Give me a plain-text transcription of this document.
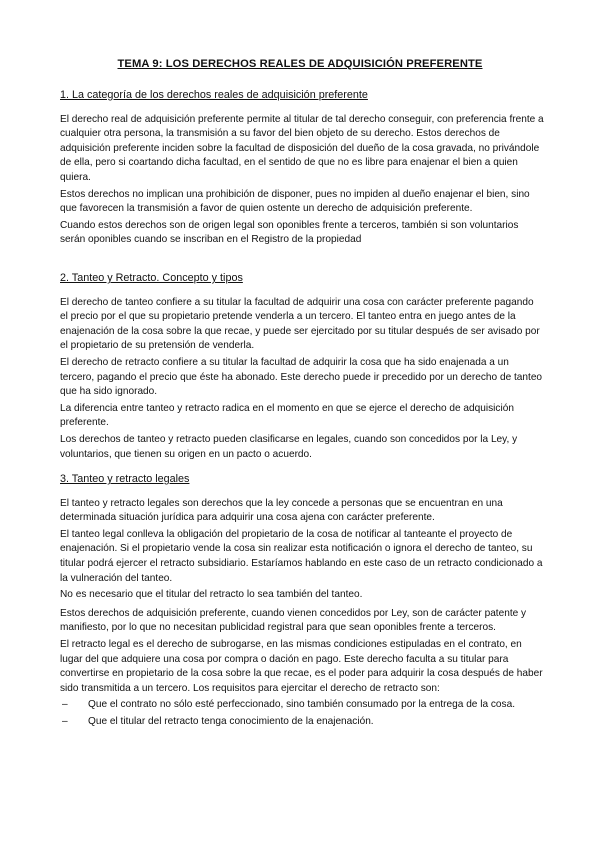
TEMA 9: LOS DERECHOS REALES DE ADQUISICIÓN PREFERENTE
1. La categoría de los derechos reales de adquisición preferente

El derecho real de adquisición preferente permite al titular de tal derecho conseguir, con preferencia frente a cualquier otra persona, la transmisión a su favor del bien objeto de su derecho. Estos derechos de adquisición preferente inciden sobre la facultad de disposición del dueño de la cosa gravada, no privándole de ella, pero si coartando dicha facultad, en el sentido de que no es libre para enajenar el bien a quien quiera.

Estos derechos no implican una prohibición de disponer, pues no impiden al dueño enajenar el bien, sino que favorecen la transmisión a favor de quien ostente un derecho de adquisición preferente.

Cuando estos derechos son de origen legal son oponibles frente a terceros, también si son voluntarios serán oponibles cuando se inscriban en el Registro de la propiedad

2. Tanteo y Retracto. Concepto y tipos

El derecho de tanteo confiere a su titular la facultad de adquirir una cosa con carácter preferente pagando el precio por el que su propietario pretende venderla a un tercero. El tanteo entra en juego antes de la enajenación de la cosa sobre la que recae, y puede ser ejercitado por su titular después de ser avisado por el propietario de su pretensión de venderla.

El derecho de retracto confiere a su titular la facultad de adquirir la cosa que ha sido enajenada a un tercero, pagando el precio que éste ha abonado. Este derecho puede ir precedido por un derecho de tanteo que ha sido ignorado.

La diferencia entre tanteo y retracto radica en el momento en que se ejerce el derecho de adquisición preferente.

Los derechos de tanteo y retracto pueden clasificarse en legales, cuando son concedidos por la Ley, y voluntarios, que tienen su origen en un pacto o acuerdo.

3. Tanteo y retracto legales

El tanteo y retracto legales son derechos que la ley concede a personas que se encuentran en una determinada situación jurídica para adquirir una cosa ajena con carácter preferente.

El tanteo legal conlleva la obligación del propietario de la cosa de notificar al tanteante el proyecto de enajenación. Si el propietario vende la cosa sin realizar esta notificación o ignora el derecho de tanteo, su titular podrá ejercer el retracto subsidiario. Estaríamos hablando en este caso de un retracto condicionado a la vulneración del tanteo.

No es necesario que el titular del retracto lo sea también del tanteo.

Estos derechos de adquisición preferente, cuando vienen concedidos por Ley, son de carácter patente y manifiesto, por lo que no necesitan publicidad registral para que sean oponibles frente a terceros.

El retracto legal es el derecho de subrogarse, en las mismas condiciones estipuladas en el contrato, en lugar del que adquiere una cosa por compra o dación en pago. Este derecho faculta a su titular para convertirse en propietario de la cosa sobre la que recae, es el poder para adquirir la cosa después de haber sido transmitida a un tercero. Los requisitos para ejercitar el derecho de retracto son:

– Que el contrato no sólo esté perfeccionado, sino también consumado por la entrega de la cosa.
– Que el titular del retracto tenga conocimiento de la enajenación.
